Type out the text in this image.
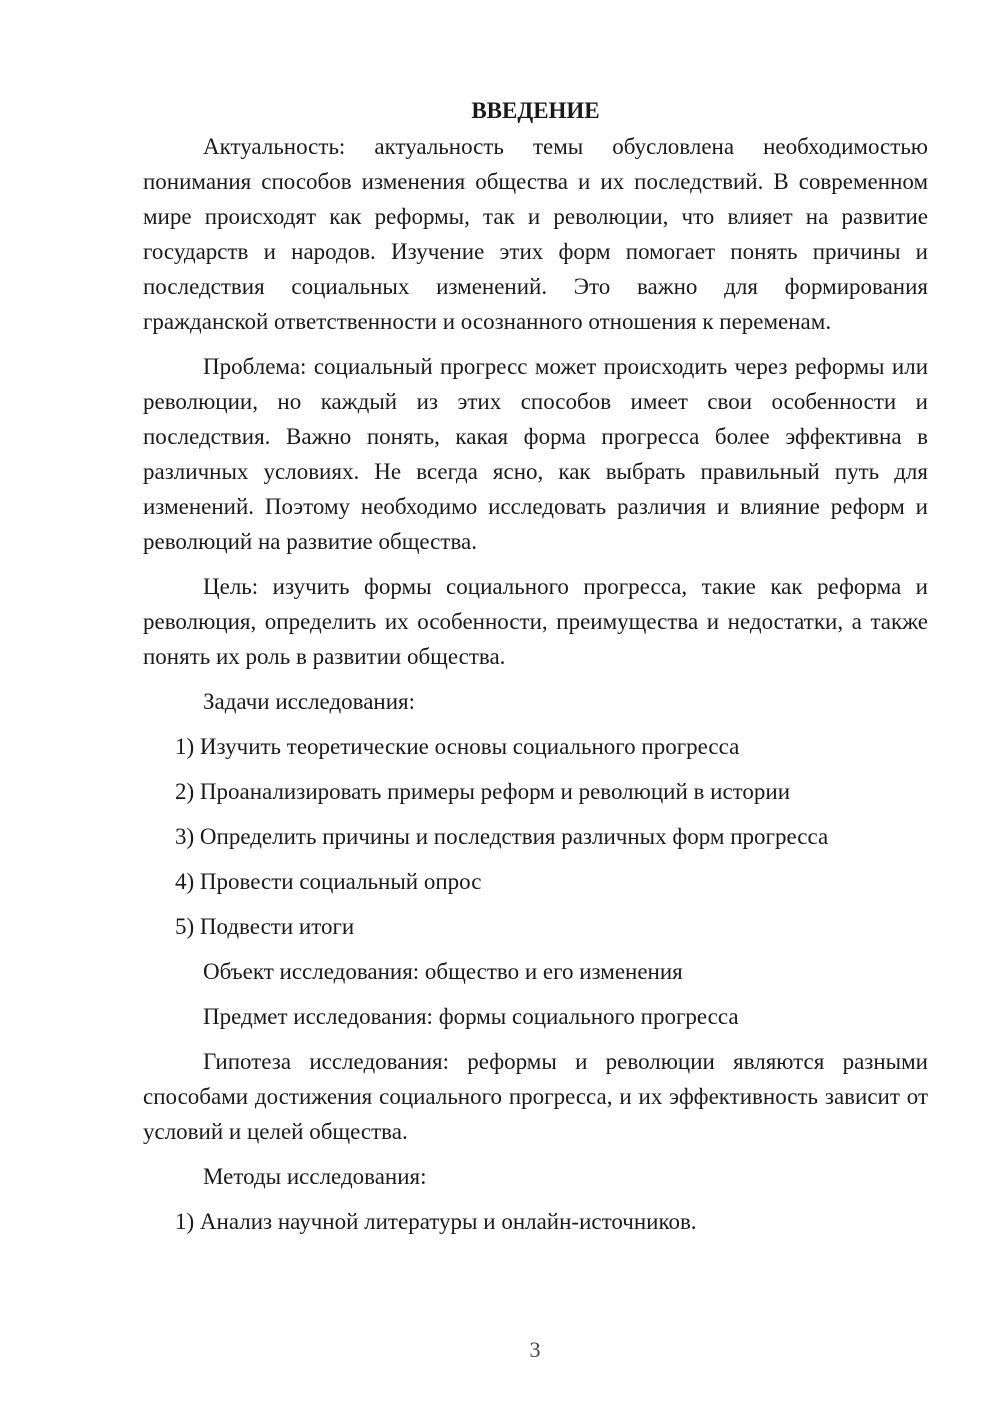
ВВЕДЕНИЕ

Актуальность: актуальность темы обусловлена необходимостью понимания способов изменения общества и их последствий. В современном мире происходят как реформы, так и революции, что влияет на развитие государств и народов. Изучение этих форм помогает понять причины и последствия социальных изменений. Это важно для формирования гражданской ответственности и осознанного отношения к переменам.

Проблема: социальный прогресс может происходить через реформы или революции, но каждый из этих способов имеет свои особенности и последствия. Важно понять, какая форма прогресса более эффективна в различных условиях. Не всегда ясно, как выбрать правильный путь для изменений. Поэтому необходимо исследовать различия и влияние реформ и революций на развитие общества.

Цель: изучить формы социального прогресса, такие как реформа и революция, определить их особенности, преимущества и недостатки, а также понять их роль в развитии общества.

Задачи исследования:
1) Изучить теоретические основы социального прогресса
2) Проанализировать примеры реформ и революций в истории
3) Определить причины и последствия различных форм прогресса
4) Провести социальный опрос
5) Подвести итоги
Объект исследования: общество и его изменения
Предмет исследования: формы социального прогресса

Гипотеза исследования: реформы и революции являются разными способами достижения социального прогресса, и их эффективность зависит от условий и целей общества.

Методы исследования:
1) Анализ научной литературы и онлайн-источников.
3
